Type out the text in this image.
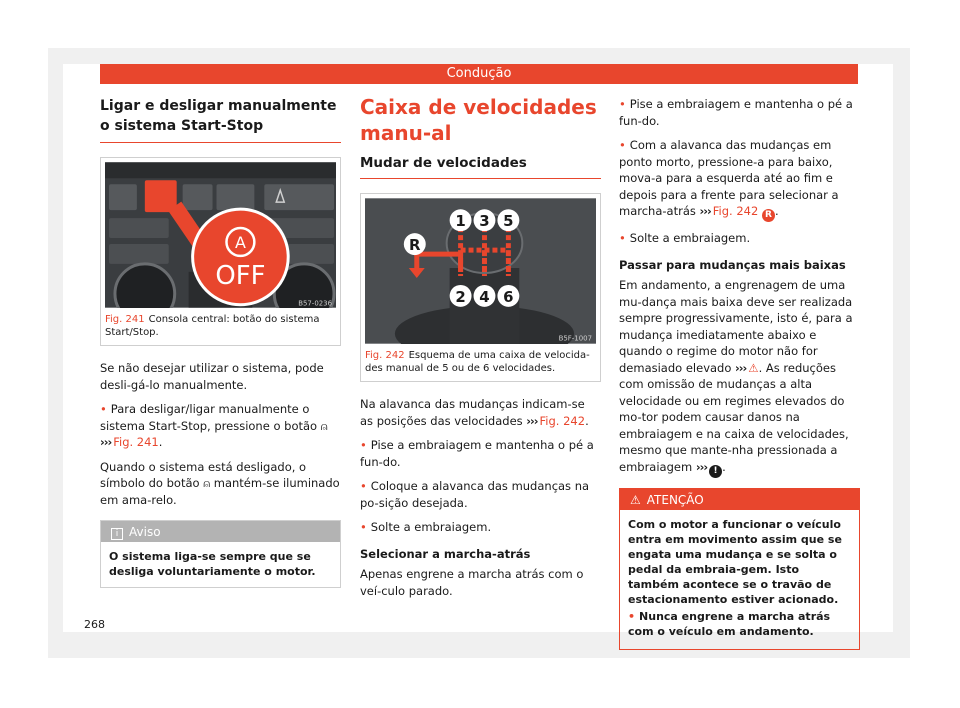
Condução
Ligar e desligar manualmente o sistema Start-Stop
A
OFF
B57-0236
Fig. 241 Consola central: botão do sistema Start/Stop.

Se não desejar utilizar o sistema, pode desli-gá-lo manualmente.

• Para desligar/ligar manualmente o sistema Start-Stop, pressione o botão ⍝ ››› Fig. 241.

Quando o sistema está desligado, o símbolo do botão ⍝ mantém-se iluminado em ama-relo.

i Aviso
O sistema liga-se sempre que se desliga voluntariamente o motor.
Caixa de velocidades manu-al
Mudar de velocidades
R
1 3 5
2 4 6
B5F-1007
Fig. 242 Esquema de uma caixa de velocida-des manual de 5 ou de 6 velocidades.

Na alavanca das mudanças indicam-se as posições das velocidades ››› Fig. 242.

• Pise a embraiagem e mantenha o pé a fun-do.

• Coloque a alavanca das mudanças na po-sição desejada.

• Solte a embraiagem.

Selecionar a marcha-atrás

Apenas engrene a marcha atrás com o veí-culo parado.

• Pise a embraiagem e mantenha o pé a fun-do.

• Com a alavanca das mudanças em ponto morto, pressione-a para baixo, mova-a para a esquerda até ao fim e depois para a frente para selecionar a marcha-atrás ››› Fig. 242 R .

• Solte a embraiagem.

Passar para mudanças mais baixas

Em andamento, a engrenagem de uma mu-dança mais baixa deve ser realizada sempre progressivamente, isto é, para a mudança imediatamente abaixo e quando o regime do motor não for demasiado elevado ››› ⚠. As reduções com omissão de mudanças a alta velocidade ou em regimes elevados do mo-tor podem causar danos na embraiagem e na caixa de velocidades, mesmo que mante-nha pressionada a embraiagem ››› ! .

⚠ ATENÇÃO

Com o motor a funcionar o veículo entra em movimento assim que se engata uma mudança e se solta o pedal da embraia-gem. Isto também acontece se o travão de estacionamento estiver acionado.

• Nunca engrene a marcha atrás com o veículo em andamento.

268
